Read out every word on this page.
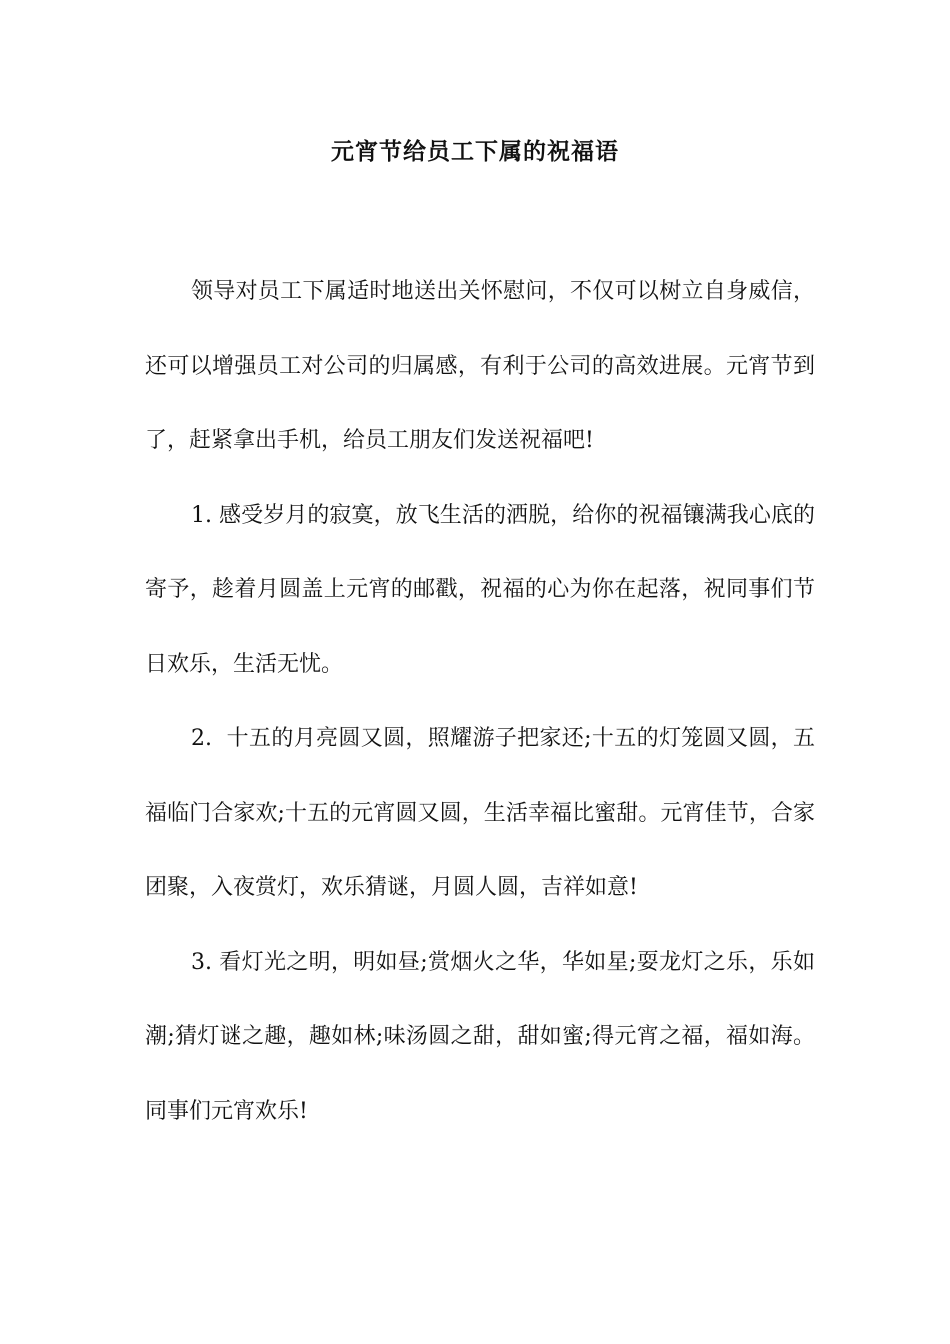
元宵节给员工下属的祝福语

领导对员工下属适时地送出关怀慰问，不仅可以树立自身威信，还可以增强员工对公司的归属感，有利于公司的高效进展。元宵节到了，赶紧拿出手机，给员工朋友们发送祝福吧!

1. 感受岁月的寂寞，放飞生活的洒脱，给你的祝福镶满我心底的寄予，趁着月圆盖上元宵的邮戳，祝福的心为你在起落，祝同事们节日欢乐，生活无忧。

2.  十五的月亮圆又圆，照耀游子把家还;十五的灯笼圆又圆，五福临门合家欢;十五的元宵圆又圆，生活幸福比蜜甜。元宵佳节，合家团聚，入夜赏灯，欢乐猜谜，月圆人圆，吉祥如意!

3. 看灯光之明，明如昼;赏烟火之华，华如星;耍龙灯之乐，乐如潮;猜灯谜之趣，趣如林;味汤圆之甜，甜如蜜;得元宵之福，福如海。同事们元宵欢乐!
